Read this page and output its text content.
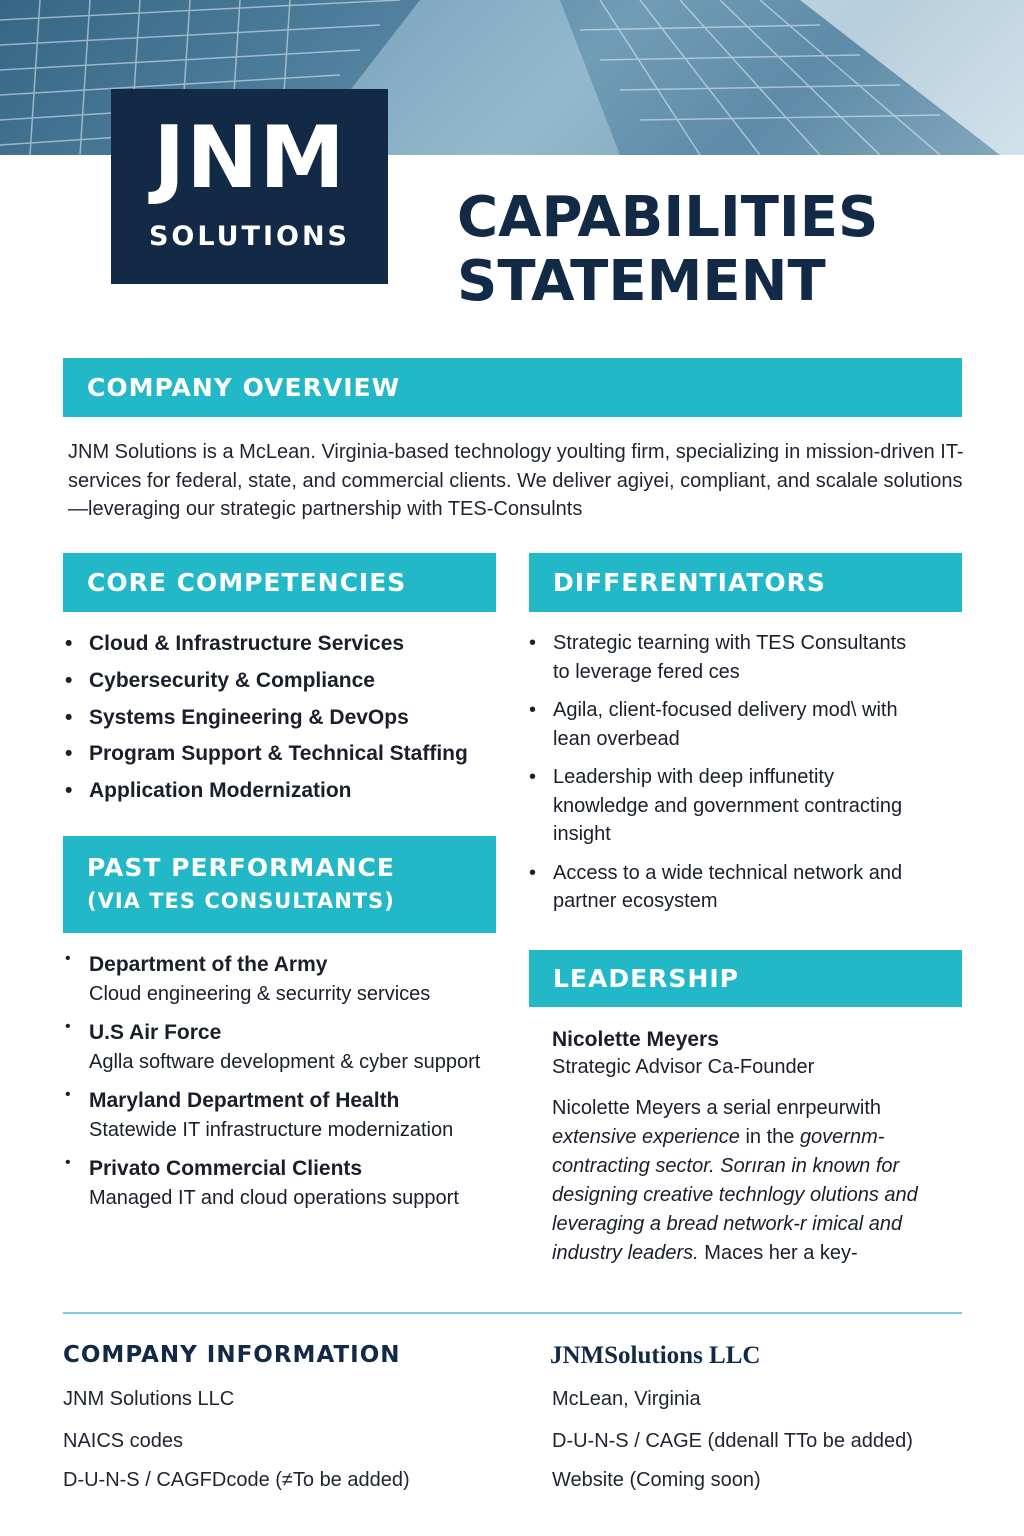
JNM
SOLUTIONS	CAPABILITIES
STATEMENT
COMPANY OVERVIEW

JNM Solutions is a McLean. Virginia-based technology youlting firm, specializing in mission-driven IT-services for federal, state, and commercial clients. We deliver agiyei, compliant, and scalale solutions—leveraging our strategic partnership with TES-Consulnts

CORE COMPETENCIES
• Cloud & Infrastructure Services
• Cybersecurity & Compliance
• Systems Engineering & DevOps
• Program Support & Technical Staffing
• Application Modernization
PAST PERFORMANCE
(VIA TES CONSULTANTS)
• Department of the Army
Cloud engineering & securrity services
• U.S Air Force
Aglla software development & cyber support
• Maryland Department of Health
Statewide IT infrastructure modernization
• Privato Commercial Clients
Managed IT and cloud operations support
DIFFERENTIATORS
• Strategic tearning with TES Consultants to leverage fered ces
• Agila, client-focused delivery mod\ with lean overbead
• Leadership with deep inffunetity knowledge and government contracting insight
• Access to a wide technical network and partner ecosystem
LEADERSHIP
Nicolette Meyers
Strategic Advisor Ca-Founder

Nicolette Meyers a serial enrpeurwith extensive experience in the governm-contracting sector. Sorıran in known for designing creative technlogy olutions and leveraging a bread network-r imical and industry leaders. Maces her a key-

COMPANY INFORMATION
JNM Solutions LLC
NAICS codes
D-U-N-S / CAGFDcode (≠To be added)
JNMSolutions LLC
McLean, Virginia
D-U-N-S / CAGE (ddenall TTo be added)
Website (Coming soon)
